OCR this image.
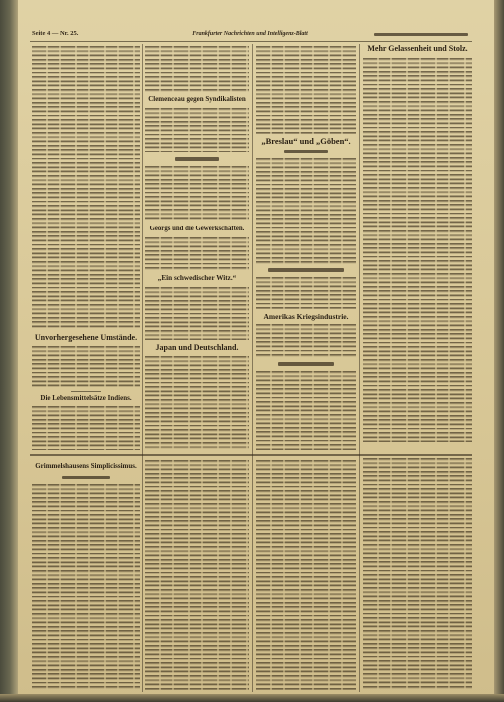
Seite 4 — Nr. 25.	Frankfurter Nachrichten und Intelligenz-Blatt
Unvorhergesehene Umstände.
Die Lebensmittelsätze Indiens.
Grimmelshausens Simplicissimus.
Clemenceau gegen Syndikalisten
Georgs und die Gewerkschaften.
„Ein schwedischer Witz.“
Japan und Deutschland.
„Breslau“ und „Göben“.
Amerikas Kriegsindustrie.
Mehr Gelassenheit und Stolz.
